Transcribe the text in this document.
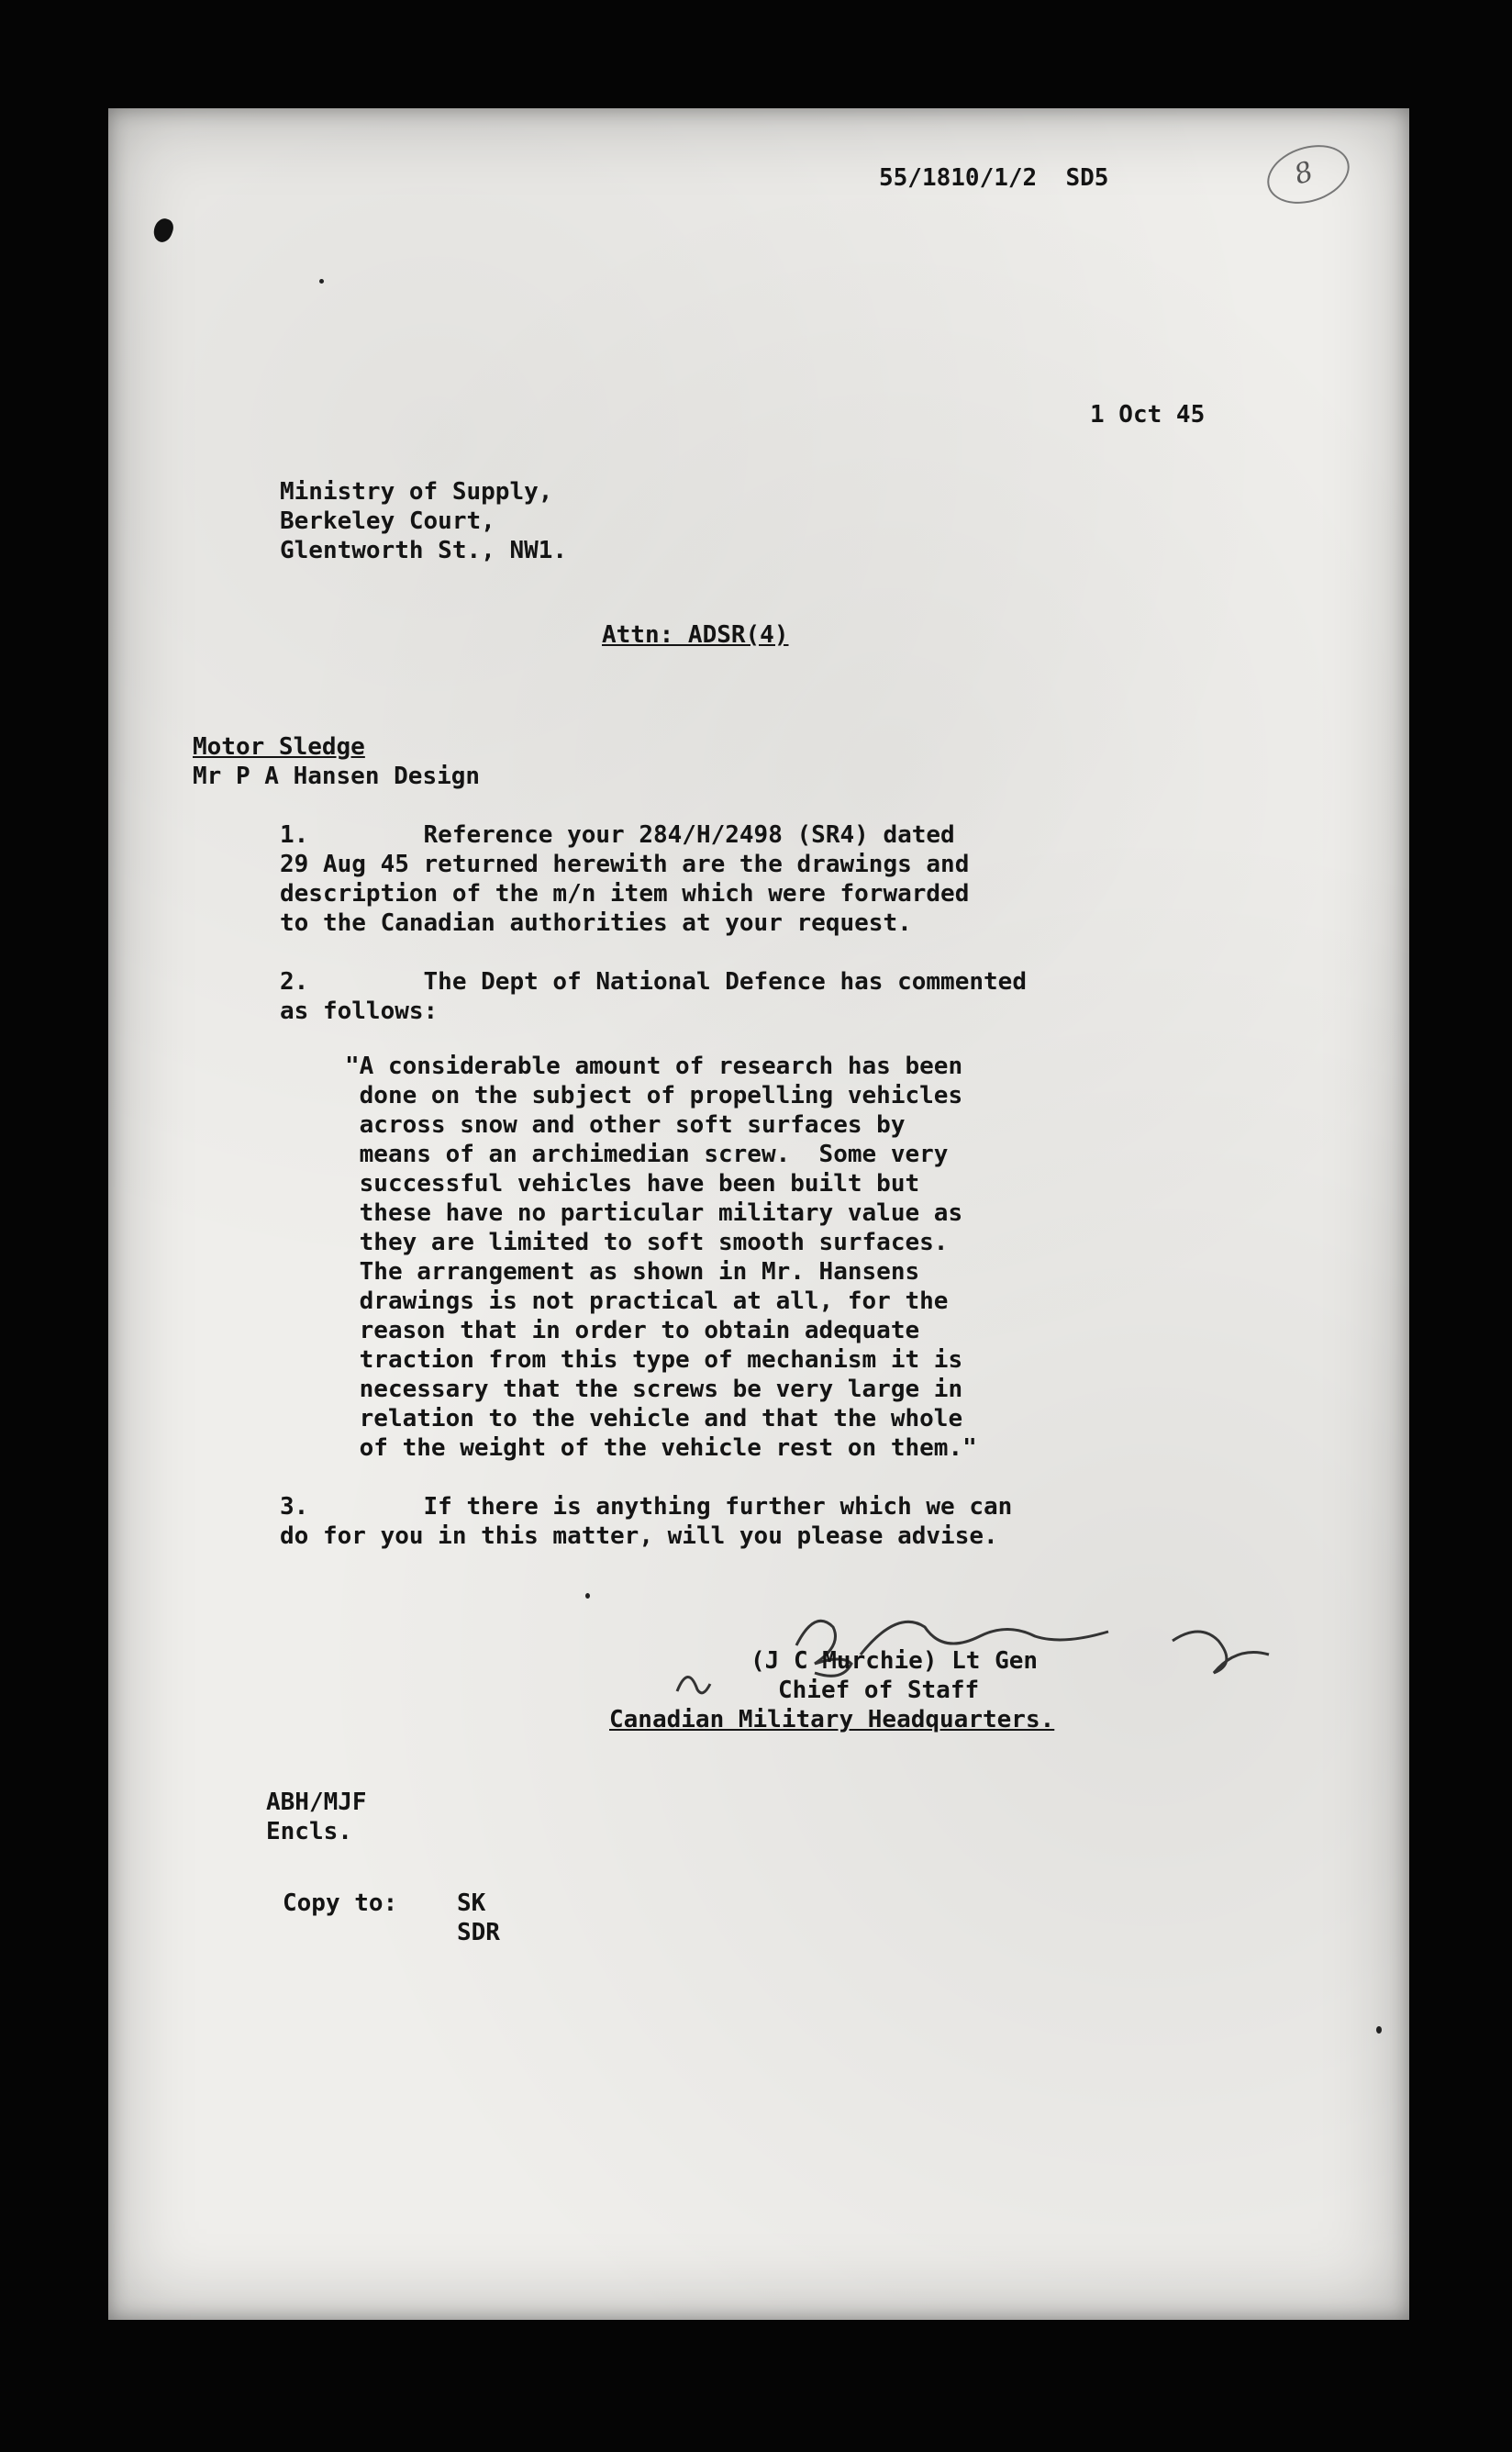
55/1810/1/2  SD5	8

1 Oct 45

Ministry of Supply,

Berkeley Court,

Glentworth St., NW1.

Attn: ADSR(4)

Motor Sledge

Mr P A Hansen Design

1.        Reference your 284/H/2498 (SR4) dated

29 Aug 45 returned herewith are the drawings and

description of the m/n item which were forwarded

to the Canadian authorities at your request.

2.        The Dept of National Defence has commented

as follows:

"A considerable amount of research has been

done on the subject of propelling vehicles

across snow and other soft surfaces by

means of an archimedian screw.  Some very

successful vehicles have been built but

these have no particular military value as

they are limited to soft smooth surfaces.

The arrangement as shown in Mr. Hansens

drawings is not practical at all, for the

reason that in order to obtain adequate

traction from this type of mechanism it is

necessary that the screws be very large in

relation to the vehicle and that the whole

of the weight of the vehicle rest on them."

3.        If there is anything further which we can

do for you in this matter, will you please advise.

(J C Murchie) Lt Gen

Chief of Staff

Canadian Military Headquarters.

ABH/MJF

Encls.

Copy to: SK

SDR
